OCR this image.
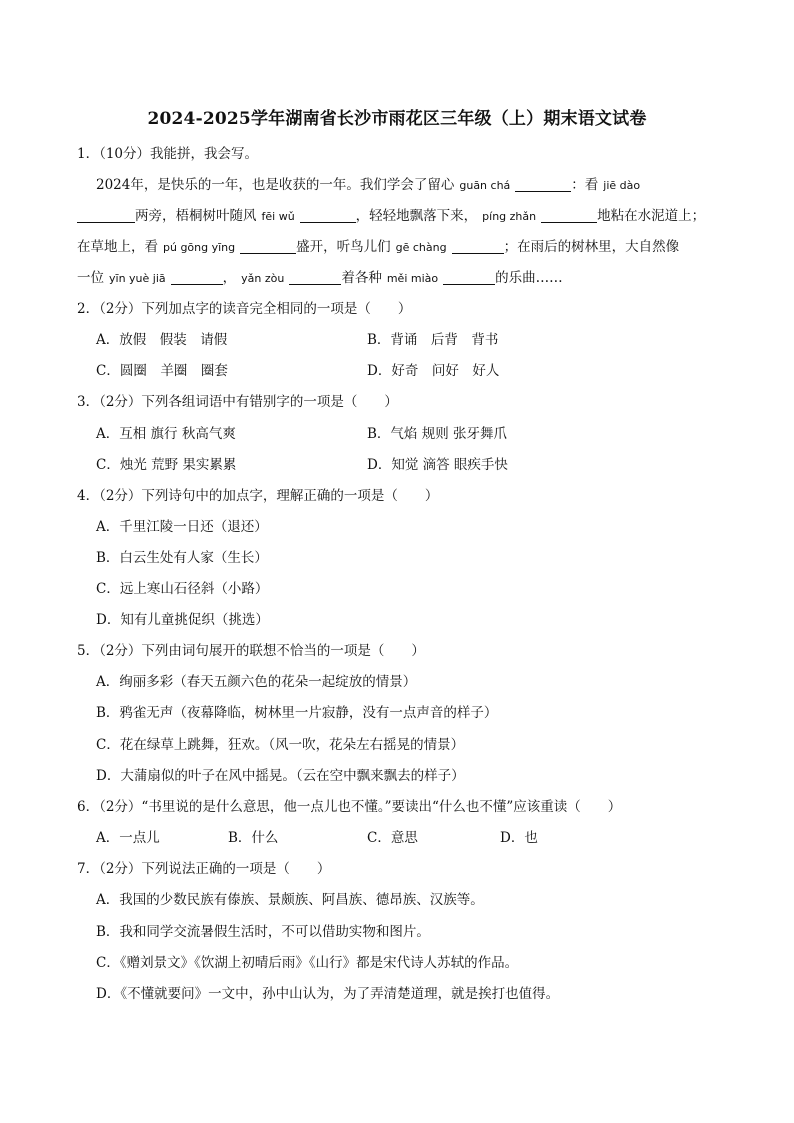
2024-2025学年湖南省长沙市雨花区三年级（上）期末语文试卷
1．（10分）我能拼，我会写。
2024年，是快乐的一年，也是收获的一年。我们学会了留心 guān chá	：看 jiē dào
两旁，梧桐树叶随风 fēi wǔ	，轻轻地飘落下来， píng zhǎn	地粘在水泥道上；
在草地上，看 pú gōng yīng	盛开，听鸟儿们 gē chàng	；在雨后的树林里，大自然像
一位 yīn yuè jiā	， yǎn zòu	着各种 měi miào	的乐曲……
2．（2分）下列加点字的读音完全相同的一项是（　　）
A．放假　假装　请假	B．背诵　后背　背书
C．圆圈　羊圈　圈套	D．好奇　问好　好人
3．（2分）下列各组词语中有错别字的一项是（　　）
A．互相 旗行 秋高气爽	B．气焰 规则 张牙舞爪
C．烛光 荒野 果实累累	D．知觉 滴答 眼疾手快
4．（2分）下列诗句中的加点字，理解正确的一项是（　　）
A．千里江陵一日还（退还）
B．白云生处有人家（生长）
C．远上寒山石径斜（小路）
D．知有儿童挑促织（挑选）
5．（2分）下列由词句展开的联想不恰当的一项是（　　）
A．绚丽多彩（春天五颜六色的花朵一起绽放的情景）
B．鸦雀无声（夜幕降临，树林里一片寂静，没有一点声音的样子）
C．花在绿草上跳舞，狂欢。（风一吹，花朵左右摇晃的情景）
D．大蒲扇似的叶子在风中摇晃。（云在空中飘来飘去的样子）
6．（2分）“书里说的是什么意思，他一点儿也不懂。”要读出“什么也不懂”应该重读（　　）
A．一点儿	B．什么	C．意思	D．也
7．（2分）下列说法正确的一项是（　　）
A．我国的少数民族有傣族、景颇族、阿昌族、德昂族、汉族等。
B．我和同学交流暑假生活时，不可以借助实物和图片。
C．《赠刘景文》《饮湖上初晴后雨》《山行》都是宋代诗人苏轼的作品。
D．《不懂就要问》一文中，孙中山认为，为了弄清楚道理，就是挨打也值得。
